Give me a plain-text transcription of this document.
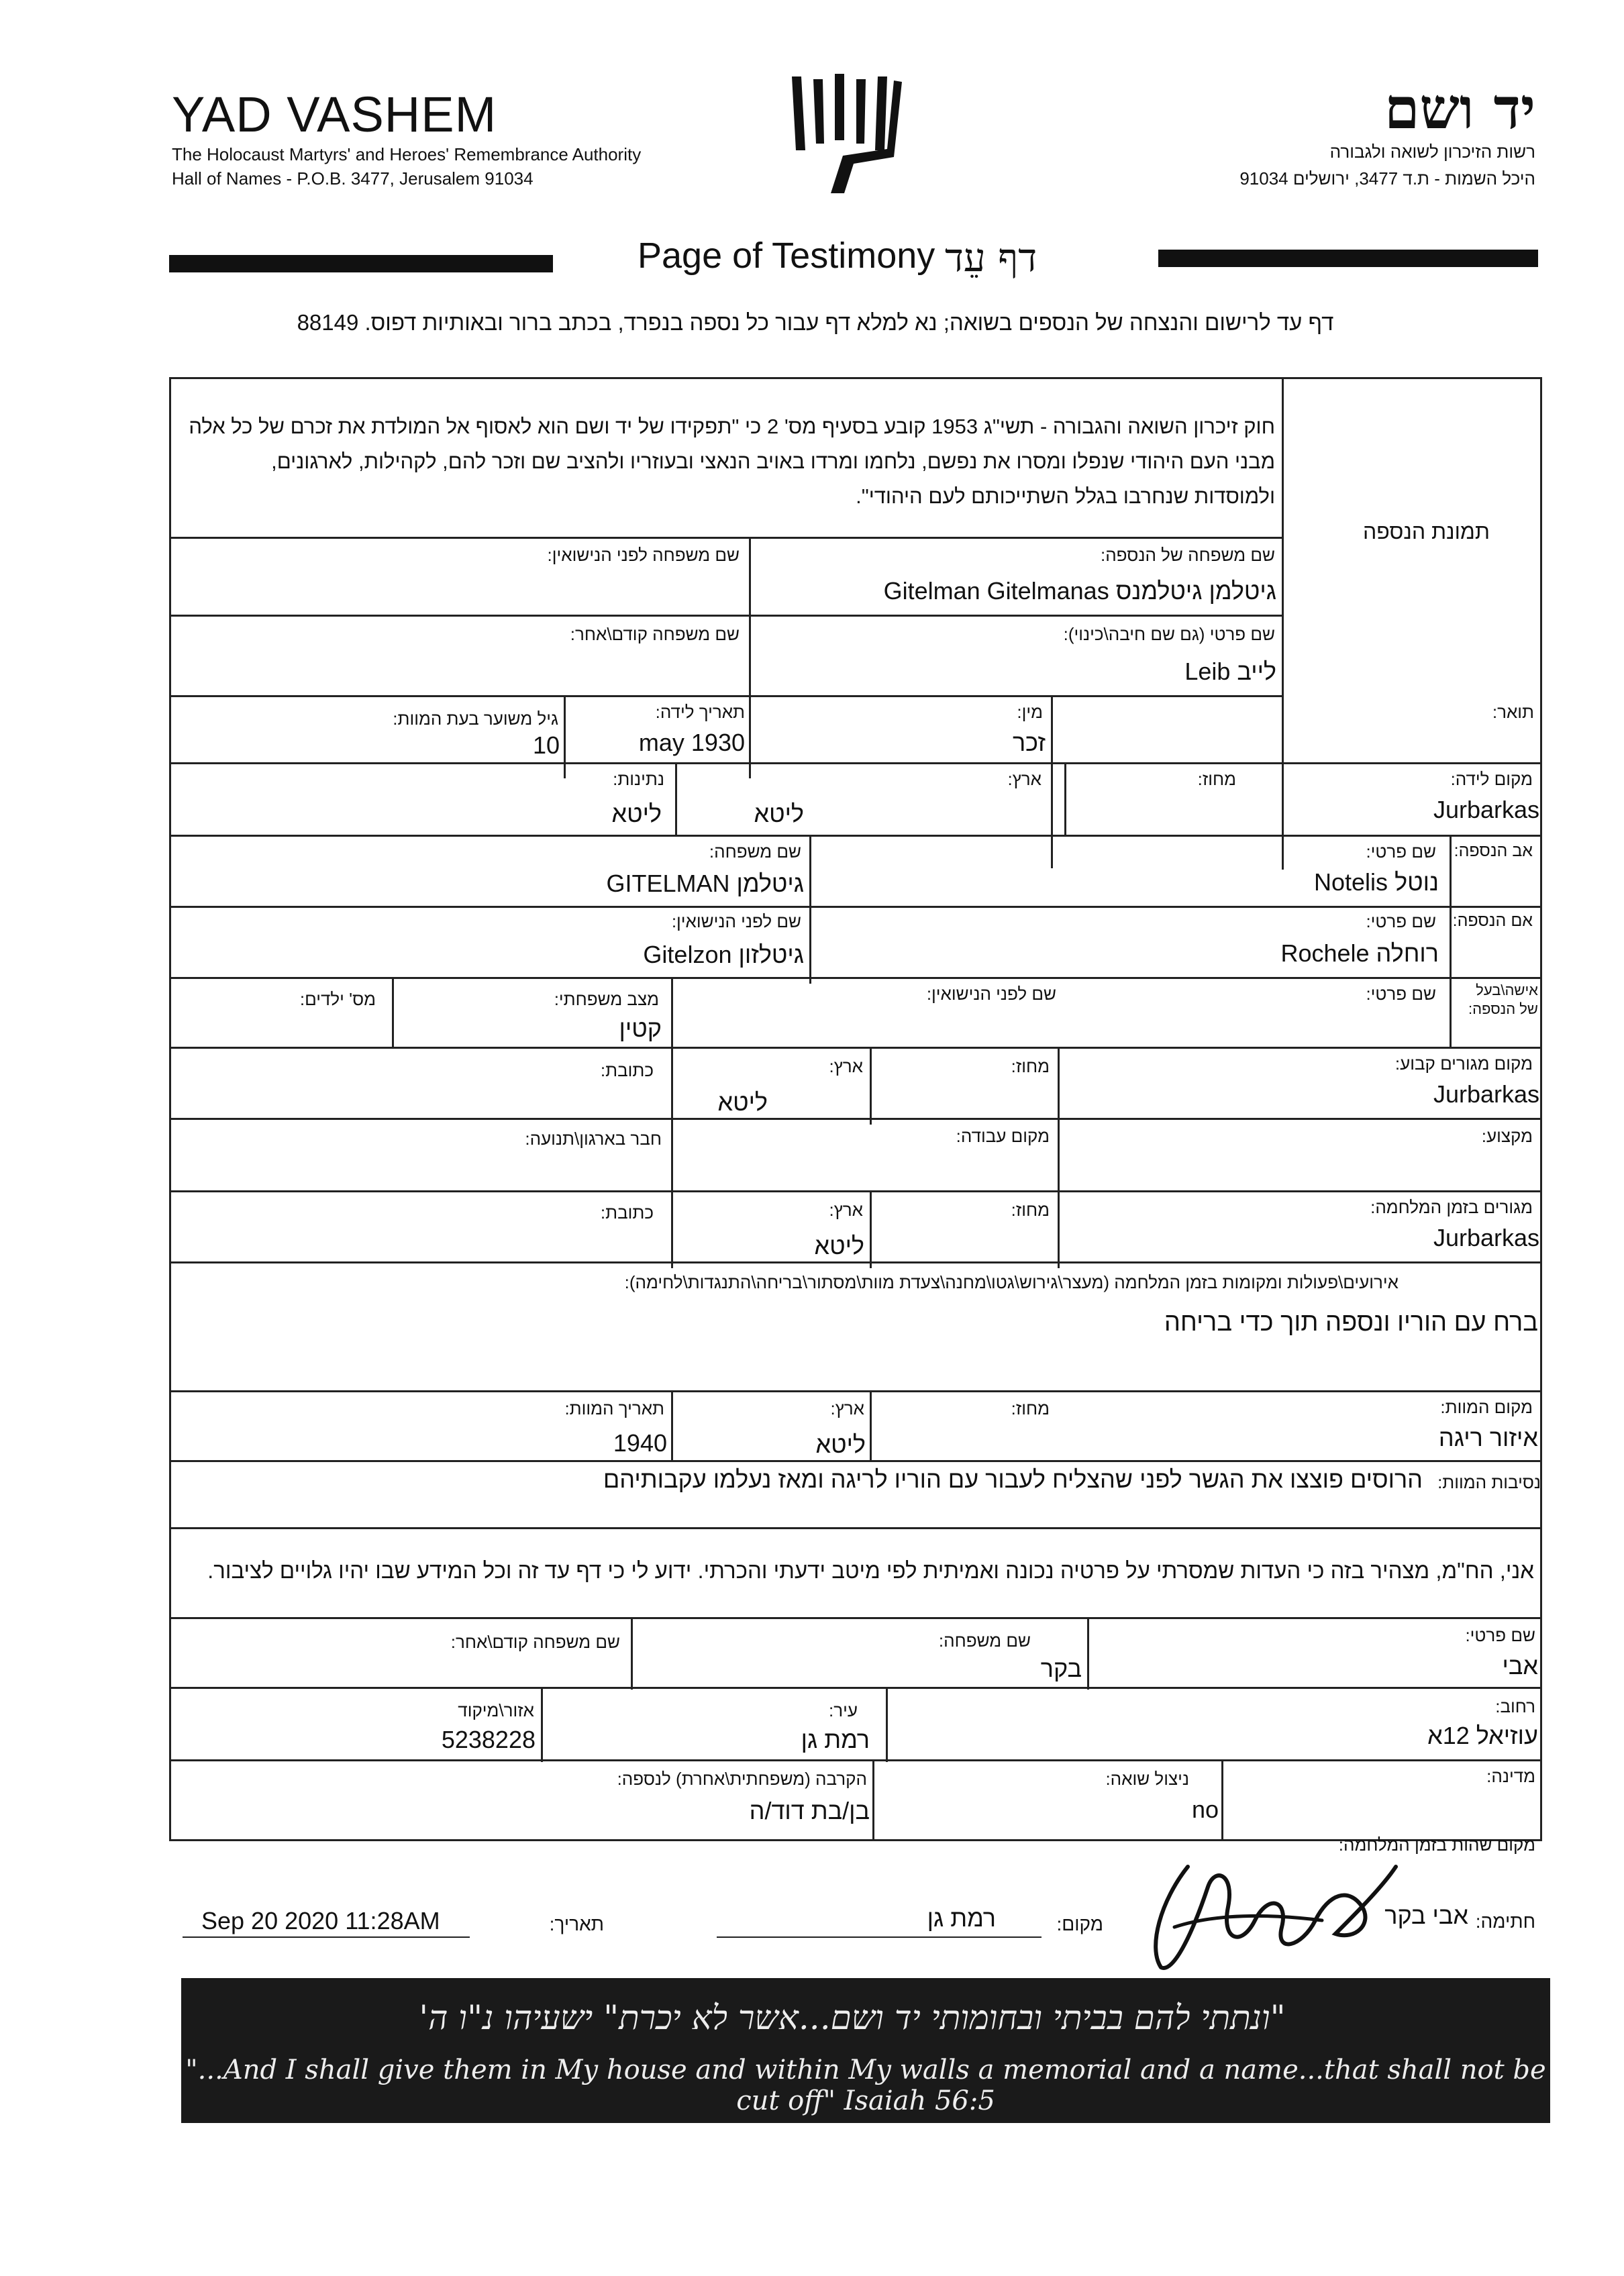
YAD VASHEM
The Holocaust Martyrs' and Heroes' Remembrance Authority
Hall of Names - P.O.B. 3477, Jerusalem 91034
יד ושם
רשות הזיכרון לשואה ולגבורה
היכל השמות - ת.ד 3477, ירושלים 91034
Page of Testimony דף עֵד
דף עד לרישום והנצחה של הנספים בשואה; נא למלא דף עבור כל נספה בנפרד, בכתב ברור ובאותיות דפוס. 88149
חוק זיכרון השואה והגבורה - תשי"ג 1953 קובע בסעיף מס' 2 כי "תפקידו של יד ושם הוא לאסוף אל המולדת את זכרם של כל אלה מבני העם היהודי שנפלו ומסרו את נפשם, נלחמו ומרדו באויב הנאצי ובעוזריו ולהציב שם וזכר להם, לקהילות, לארגונים, ולמוסדות שנחרבו בגלל השתייכותם לעם היהודי".
תמונת הנספה
שם משפחה של הנספה:
גיטלמן גיטלמנס Gitelman Gitelmanas
שם משפחה לפני הנישואין:
שם פרטי (גם שם חיבה\כינוי):
לייב Leib
שם משפחה קודם\אחר:
תואר:
מין:
זכר
תאריך לידה:
may 1930
גיל משוער בעת המוות:
10
מקום לידה:
Jurbarkas
מחוז:
ארץ:
ליטא
נתינות:
ליטא
אב הנספה:
שם פרטי:
נוטל Notelis
שם משפחה:
גיטלמן GITELMAN
אם הנספה:
שם פרטי:
רוחלה Rochele
שם לפני הנישואין:
גיטלזון Gitelzon
אישה\בעל של הנספה:
שם פרטי:
שם לפני הנישואין:
מצב משפחתי:
קטין
מס' ילדים:
מקום מגורים קבוע:
Jurbarkas
מחוז:
ארץ:
ליטא
כתובת:
מקצוע:
מקום עבודה:
חבר בארגון\תנועה:
מגורים בזמן המלחמה:
Jurbarkas
מחוז:
ארץ:
ליטא
כתובת:
אירועים\פעולות ומקומות בזמן המלחמה (מעצר\גירוש\גטו\מחנה\צעדת מוות\מסתור\בריחה\התנגדות\לחימה):
ברח עם הוריו ונספה תוך כדי בריחה
מקום המוות:
איזור ריגה
מחוז:
ארץ:
ליטא
תאריך המוות:
1940
נסיבות המוות:
הרוסים פוצצו את הגשר לפני שהצליח לעבור עם הוריו לריגה ומאז נעלמו עקבותיהם
אני, הח"מ, מצהיר בזה כי העדות שמסרתי על פרטיה נכונה ואמיתית לפי מיטב ידעתי והכרתי. ידוע לי כי דף עד זה וכל המידע שבו יהיו גלויים לציבור.
שם פרטי:
אבי
שם משפחה:
בקר
שם משפחה קודם\אחר:
רחוב:
עוזיאל 12א
עיר:
רמת גן
אזור\מיקוד
5238228
מדינה:
ניצול שואה:
no
הקרבה (משפחתית\אחרת) לנספה:
בן/בת דוד/ה
מקום שהות בזמן המלחמה:
חתימה:
אבי בקר
מקום:
רמת גן
תאריך:
Sep 20 2020 11:28AM
"ונתתי להם בביתי ובחומותי יד ושם...אשר לא יכרת" ישעיהו נ"ו ה'
"...And I shall give them in My house and within My walls a memorial and a name...that shall not be cut off" Isaiah 56:5
